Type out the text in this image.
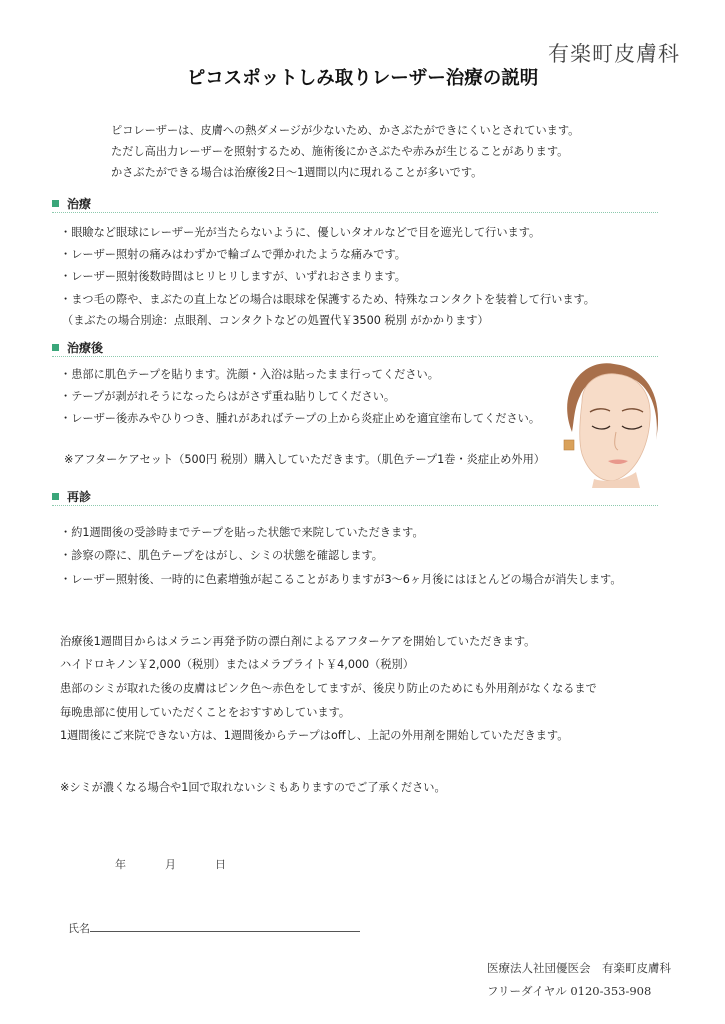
有楽町皮膚科
ピコスポットしみ取りレーザー治療の説明
ピコレーザーは、皮膚への熱ダメージが少ないため、かさぶたができにくいとされています。
ただし高出力レーザーを照射するため、施術後にかさぶたや赤みが生じることがあります。
かさぶたができる場合は治療後2日〜1週間以内に現れることが多いです。
治療
・眼瞼など眼球にレーザー光が当たらないように、優しいタオルなどで目を遮光して行います。
・レーザー照射の痛みはわずかで輪ゴムで弾かれたような痛みです。
・レーザー照射後数時間はヒリヒリしますが、いずれおさまります。
・まつ毛の際や、まぶたの直上などの場合は眼球を保護するため、特殊なコンタクトを装着して行います。
（まぶたの場合別途：点眼剤、コンタクトなどの処置代￥3500 税別 がかかります）
治療後
・患部に肌色テープを貼ります。洗顔・入浴は貼ったまま行ってください。
・テープが剥がれそうになったらはがさず重ね貼りしてください。
・レーザー後赤みやひりつき、腫れがあればテープの上から炎症止めを適宜塗布してください。
※アフターケアセット（500円 税別）購入していただきます。（肌色テープ1巻・炎症止め外用）
再診
・約1週間後の受診時までテープを貼った状態で来院していただきます。
・診察の際に、肌色テープをはがし、シミの状態を確認します。
・レーザー照射後、一時的に色素増強が起こることがありますが3〜6ヶ月後にはほとんどの場合が消失します。
治療後1週間目からはメラニン再発予防の漂白剤によるアフターケアを開始していただきます。
ハイドロキノン￥2,000（税別）またはメラブライト￥4,000（税別）
患部のシミが取れた後の皮膚はピンク色〜赤色をしてますが、後戻り防止のためにも外用剤がなくなるまで
毎晩患部に使用していただくことをおすすめしています。
1週間後にご来院できない方は、1週間後からテープはoffし、上記の外用剤を開始していただきます。
※シミが濃くなる場合や1回で取れないシミもありますのでご了承ください。
年	月	日
氏名
医療法人社団優医会　有楽町皮膚科
フリーダイヤル 0120-353-908
